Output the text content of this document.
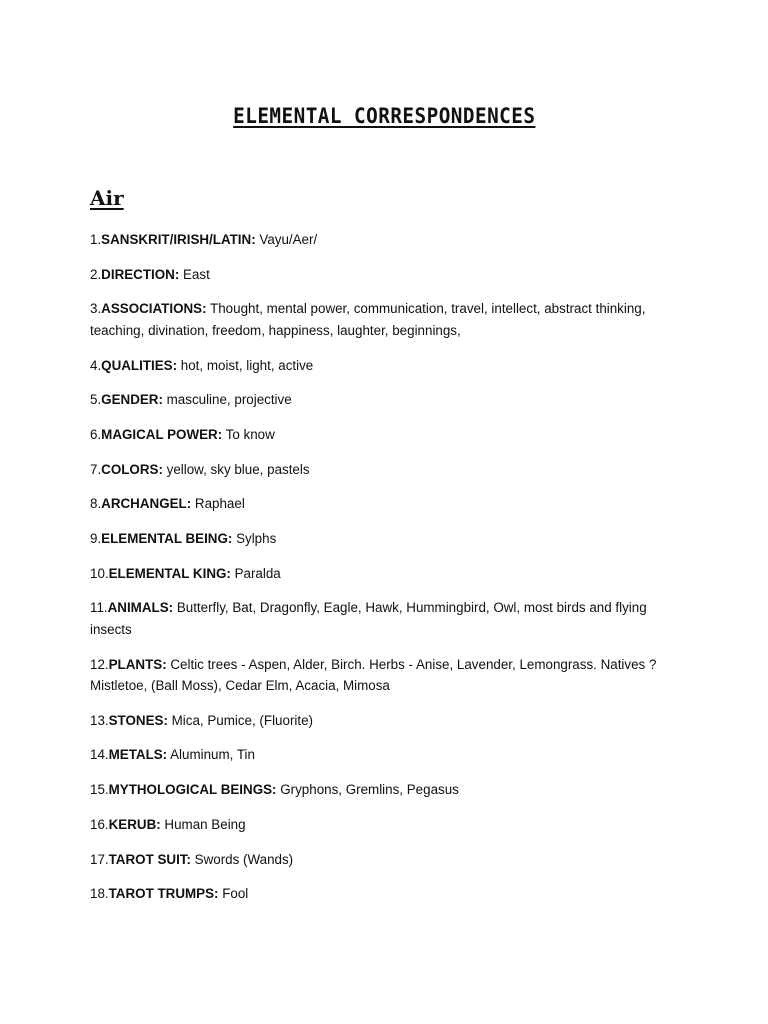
ELEMENTAL CORRESPONDENCES
Air
1.SANSKRIT/IRISH/LATIN: Vayu/Aer/
2.DIRECTION: East
3.ASSOCIATIONS: Thought, mental power, communication, travel, intellect, abstract thinking, teaching, divination, freedom, happiness, laughter, beginnings,
4.QUALITIES: hot, moist, light, active
5.GENDER: masculine, projective
6.MAGICAL POWER: To know
7.COLORS: yellow, sky blue, pastels
8.ARCHANGEL: Raphael
9.ELEMENTAL BEING: Sylphs
10.ELEMENTAL KING: Paralda
11.ANIMALS: Butterfly, Bat, Dragonfly, Eagle, Hawk, Hummingbird, Owl, most birds and flying insects
12.PLANTS: Celtic trees - Aspen, Alder, Birch. Herbs - Anise, Lavender, Lemongrass. Natives ? Mistletoe, (Ball Moss), Cedar Elm, Acacia, Mimosa
13.STONES: Mica, Pumice, (Fluorite)
14.METALS: Aluminum, Tin
15.MYTHOLOGICAL BEINGS: Gryphons, Gremlins, Pegasus
16.KERUB: Human Being
17.TAROT SUIT: Swords (Wands)
18.TAROT TRUMPS: Fool
